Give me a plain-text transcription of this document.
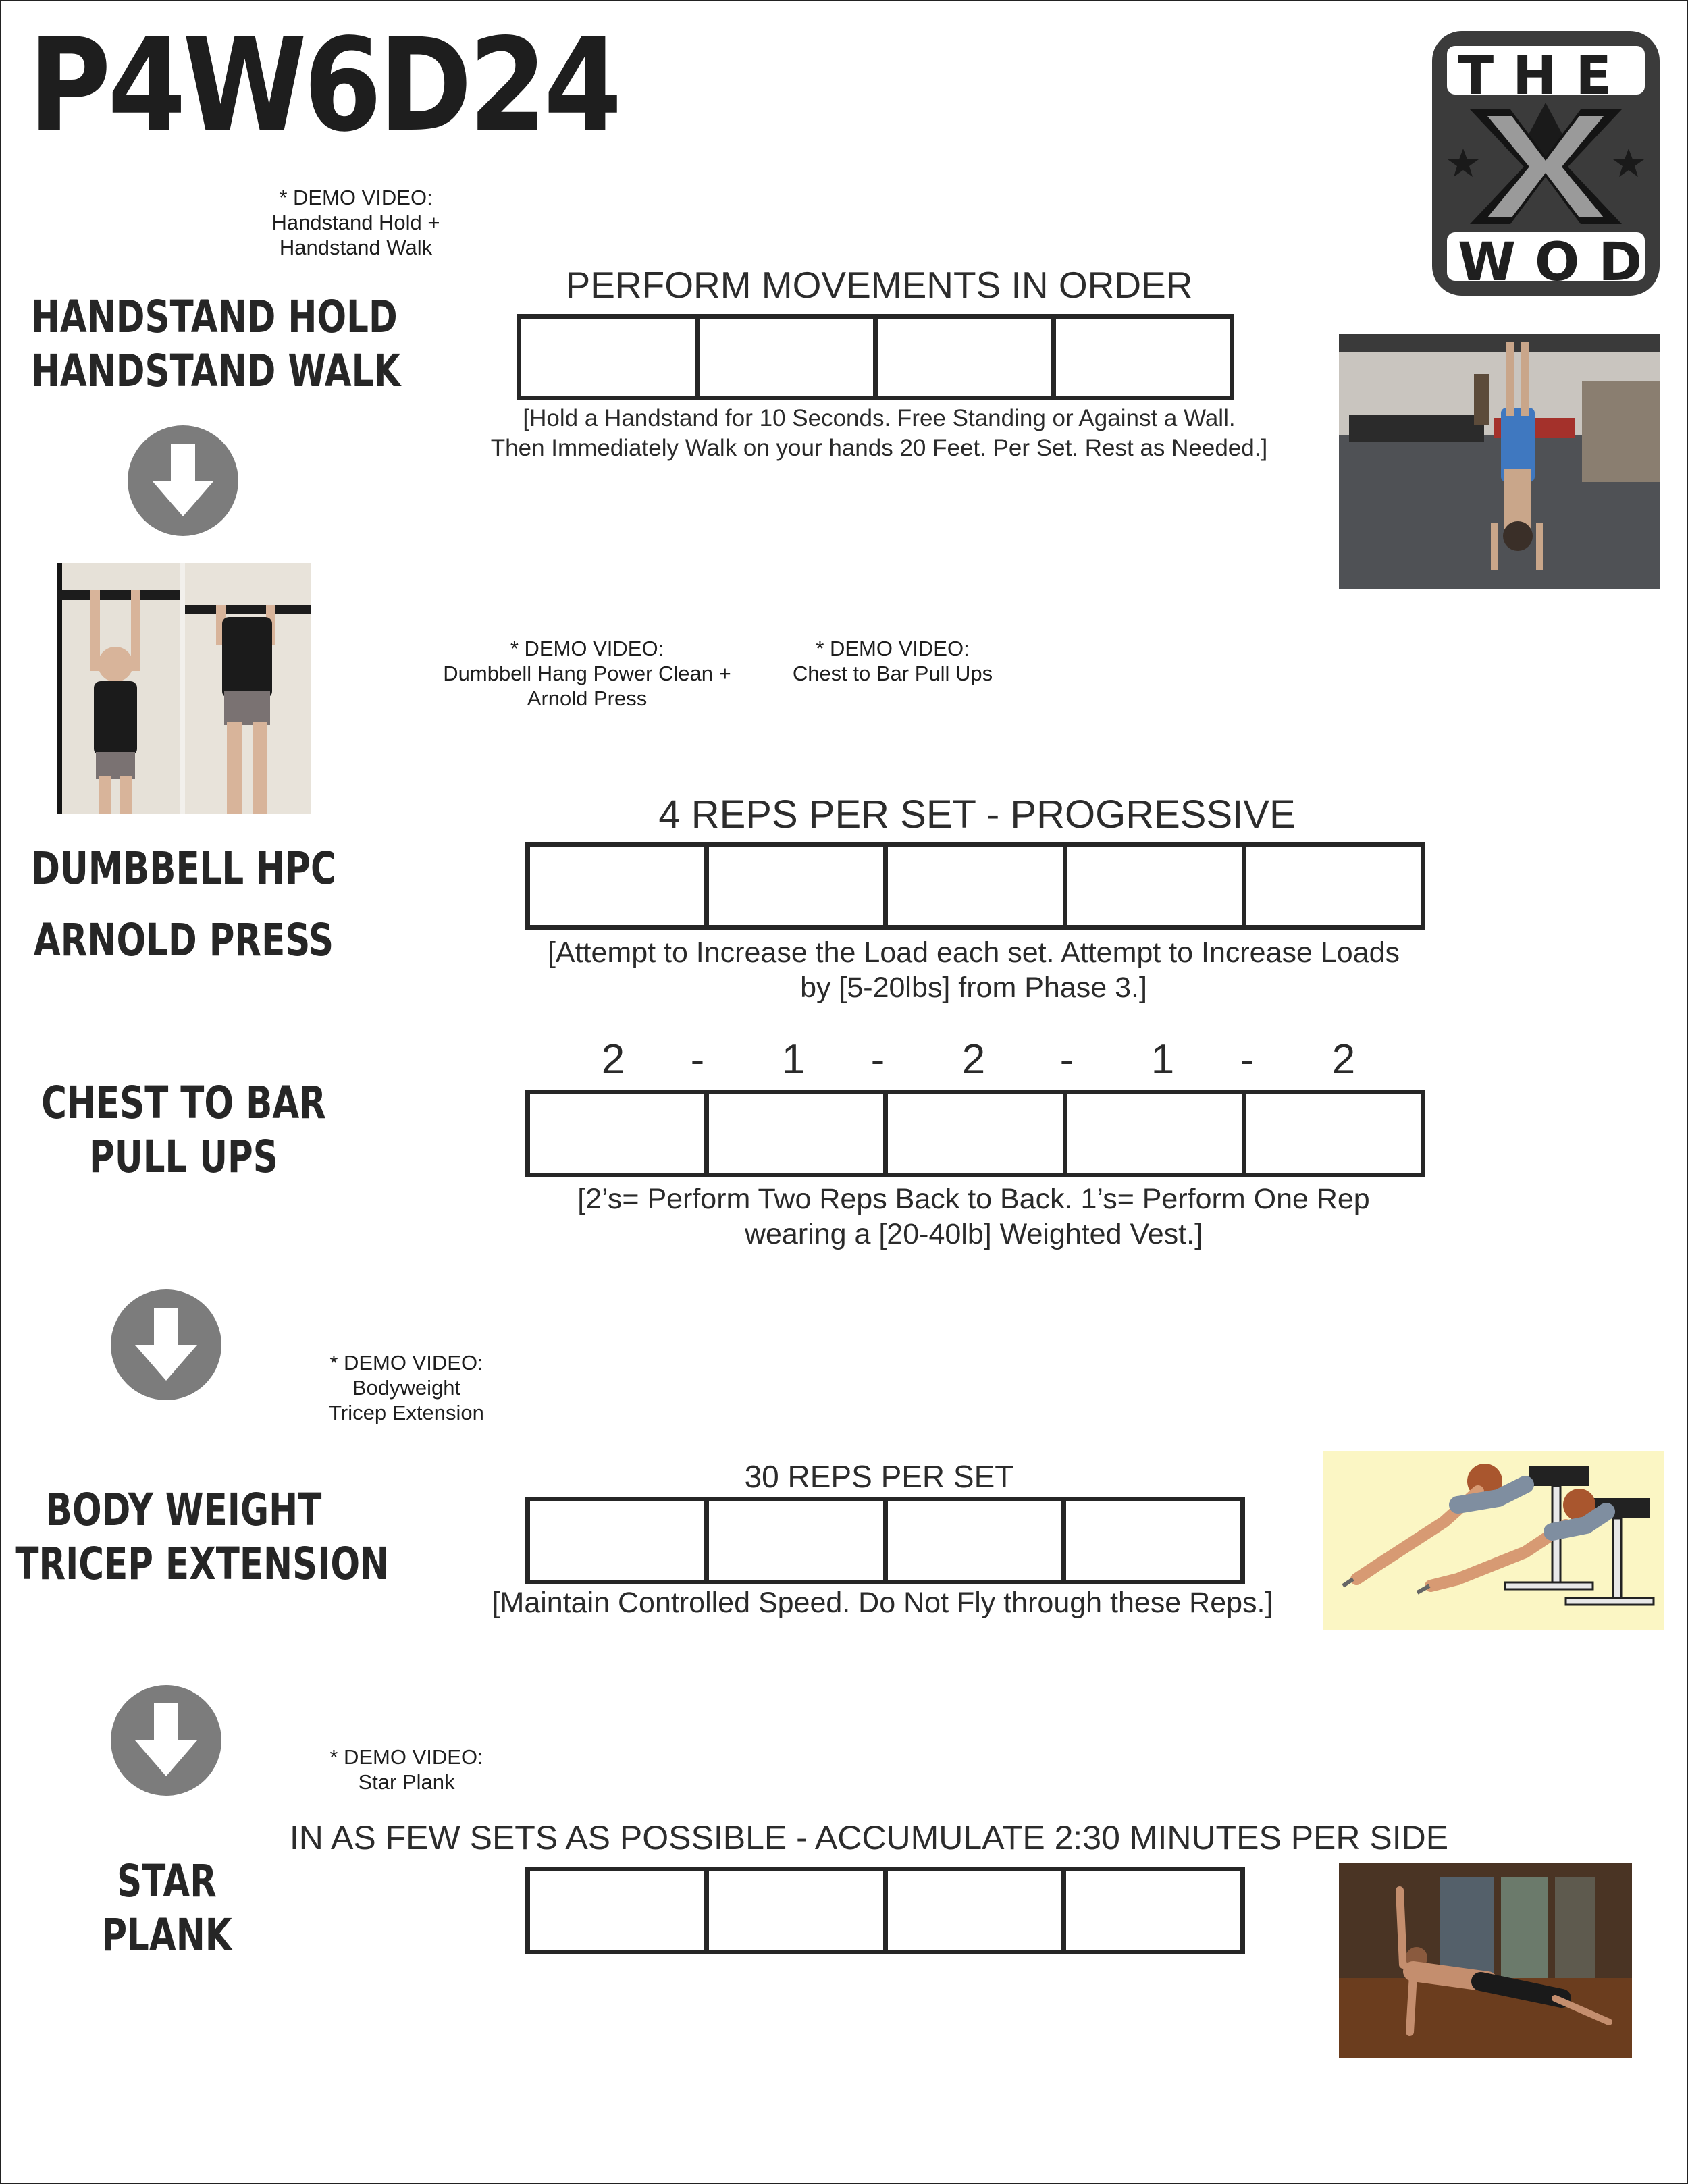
P4W6D24	THE
WOD
* DEMO VIDEO:
Handstand Hold +
Handstand Walk
HANDSTAND HOLD
HANDSTAND WALK
PERFORM MOVEMENTS IN ORDER
[Hold a Handstand for 10 Seconds. Free Standing or Against a Wall.
Then Immediately Walk on your hands 20 Feet. Per Set. Rest as Needed.]
* DEMO VIDEO:
Dumbbell Hang Power Clean +
Arnold Press
* DEMO VIDEO:
Chest to Bar Pull Ups
DUMBBELL HPC
ARNOLD PRESS
4 REPS PER SET - PROGRESSIVE
[Attempt to Increase the Load each set. Attempt to Increase Loads
by [5-20lbs] from Phase 3.]
CHEST TO BAR
PULL UPS
2	-	1	-	2	-	1	-	2
[2’s= Perform Two Reps Back to Back. 1’s= Perform One Rep
wearing a [20-40lb] Weighted Vest.]
* DEMO VIDEO:
Bodyweight
Tricep Extension
BODY WEIGHT
TRICEP EXTENSION
30 REPS PER SET
[Maintain Controlled Speed. Do Not Fly through these Reps.]
* DEMO VIDEO:
Star Plank
IN AS FEW SETS AS POSSIBLE - ACCUMULATE 2:30 MINUTES PER SIDE
STAR
PLANK
